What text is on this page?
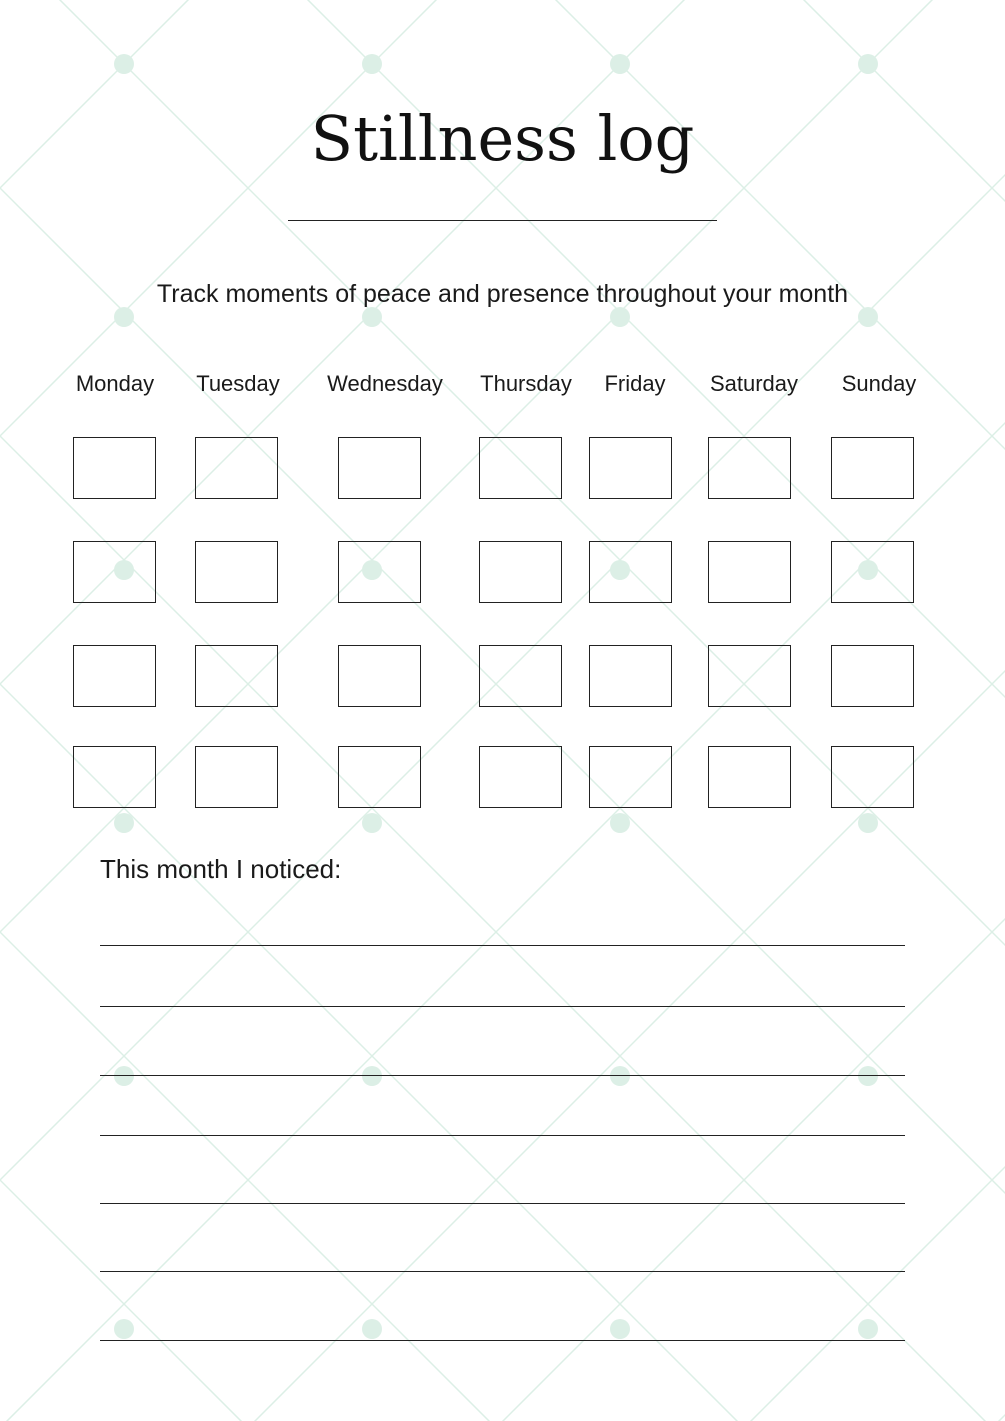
Stillness log
Track moments of peace and presence throughout your month
Monday	Tuesday	Wednesday	Thursday	Friday	Saturday	Sunday
This month I noticed:
